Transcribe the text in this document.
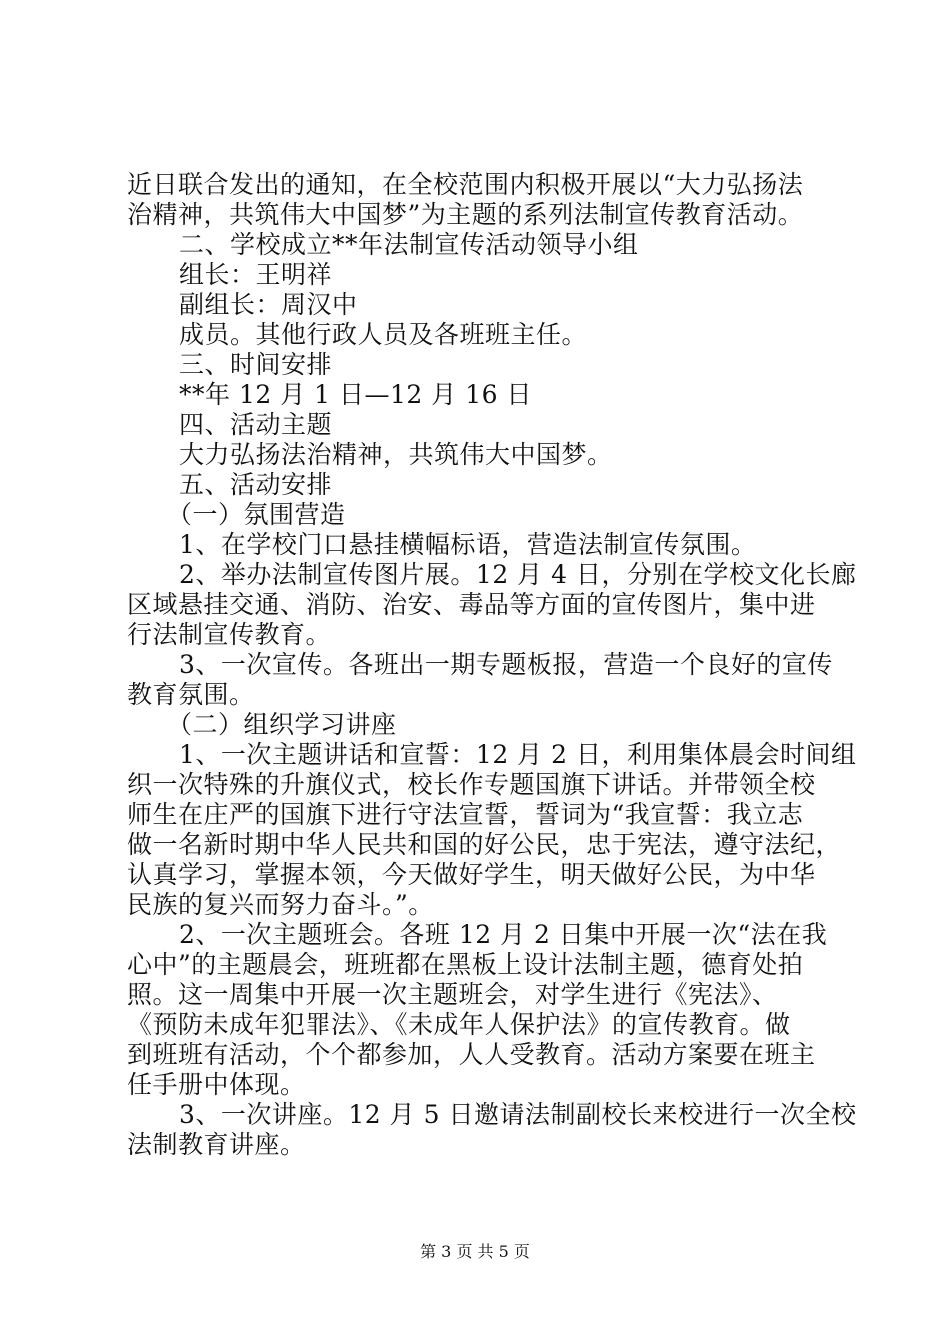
近日联合发出的通知，在全校范围内积极开展以“大力弘扬法
治精神，共筑伟大中国梦”为主题的系列法制宣传教育活动。
二、学校成立**年法制宣传活动领导小组
组长：王明祥
副组长：周汉中
成员。其他行政人员及各班班主任。
三、时间安排
**年 12 月 1 日—12 月 16 日
四、活动主题
大力弘扬法治精神，共筑伟大中国梦。
五、活动安排
（一）氛围营造
1、在学校门口悬挂横幅标语，营造法制宣传氛围。
2、举办法制宣传图片展。12 月 4 日，分别在学校文化长廊
区域悬挂交通、消防、治安、毒品等方面的宣传图片，集中进
行法制宣传教育。
3、一次宣传。各班出一期专题板报，营造一个良好的宣传
教育氛围。
（二）组织学习讲座
1、一次主题讲话和宣誓：12 月 2 日，利用集体晨会时间组
织一次特殊的升旗仪式，校长作专题国旗下讲话。并带领全校
师生在庄严的国旗下进行守法宣誓，誓词为“我宣誓：我立志
做一名新时期中华人民共和国的好公民，忠于宪法，遵守法纪，
认真学习，掌握本领，今天做好学生，明天做好公民，为中华
民族的复兴而努力奋斗。”。
2、一次主题班会。各班 12 月 2 日集中开展一次“法在我
心中”的主题晨会，班班都在黑板上设计法制主题，德育处拍
照。这一周集中开展一次主题班会，对学生进行《宪法》、
《预防未成年犯罪法》、《未成年人保护法》的宣传教育。做
到班班有活动，个个都参加，人人受教育。活动方案要在班主
任手册中体现。
3、一次讲座。12 月 5 日邀请法制副校长来校进行一次全校
法制教育讲座。
第 3 页 共 5 页
